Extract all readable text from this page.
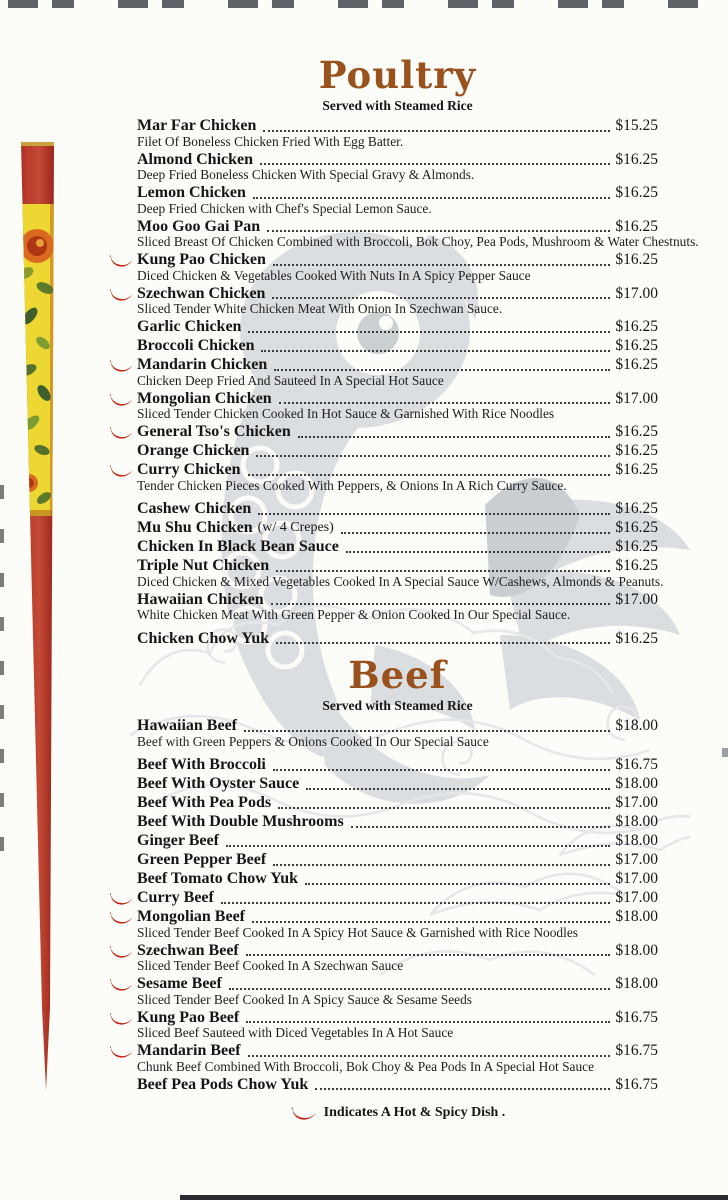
Poultry
Served with Steamed Rice
Mar Far Chicken	$15.25
Filet Of Boneless Chicken Fried With Egg Batter.
Almond Chicken	$16.25
Deep Fried Boneless Chicken With Special Gravy & Almonds.
Lemon Chicken	$16.25
Deep Fried Chicken with Chef's Special Lemon Sauce.
Moo Goo Gai Pan	$16.25
Sliced Breast Of Chicken Combined with Broccoli, Bok Choy, Pea Pods, Mushroom & Water Chestnuts.
Kung Pao Chicken	$16.25
Diced Chicken & Vegetables Cooked With Nuts In A Spicy Pepper Sauce
Szechwan Chicken	$17.00
Sliced Tender White Chicken Meat With Onion In Szechwan Sauce.
Garlic Chicken	$16.25
Broccoli Chicken	$16.25
Mandarin Chicken	$16.25
Chicken Deep Fried And Sauteed In A Special Hot Sauce
Mongolian Chicken	$17.00
Sliced Tender Chicken Cooked In Hot Sauce & Garnished With Rice Noodles
General Tso's Chicken	$16.25
Orange Chicken	$16.25
Curry Chicken	$16.25
Tender Chicken Pieces Cooked With Peppers, & Onions In A Rich Curry Sauce.
Cashew Chicken	$16.25
Mu Shu Chicken (w/ 4 Crepes)	$16.25
Chicken In Black Bean Sauce	$16.25
Triple Nut Chicken	$16.25
Diced Chicken & Mixed Vegetables Cooked In A Special Sauce W/Cashews, Almonds & Peanuts.
Hawaiian Chicken	$17.00
White Chicken Meat With Green Pepper & Onion Cooked In Our Special Sauce.
Chicken Chow Yuk	$16.25
Beef
Served with Steamed Rice
Hawaiian Beef	$18.00
Beef with Green Peppers & Onions Cooked In Our Special Sauce
Beef With Broccoli	$16.75
Beef With Oyster Sauce	$18.00
Beef With Pea Pods	$17.00
Beef With Double Mushrooms	$18.00
Ginger Beef	$18.00
Green Pepper Beef	$17.00
Beef Tomato Chow Yuk	$17.00
Curry Beef	$17.00
Mongolian Beef	$18.00
Sliced Tender Beef Cooked In A Spicy Hot Sauce & Garnished with Rice Noodles
Szechwan Beef	$18.00
Sliced Tender Beef Cooked In A Szechwan Sauce
Sesame Beef	$18.00
Sliced Tender Beef Cooked In A Spicy Sauce & Sesame Seeds
Kung Pao Beef	$16.75
Sliced Beef Sauteed with Diced Vegetables In A Hot Sauce
Mandarin Beef	$16.75
Chunk Beef Combined With Broccoli, Bok Choy & Pea Pods In A Special Hot Sauce
Beef Pea Pods Chow Yuk	$16.75
Indicates A Hot & Spicy Dish .
